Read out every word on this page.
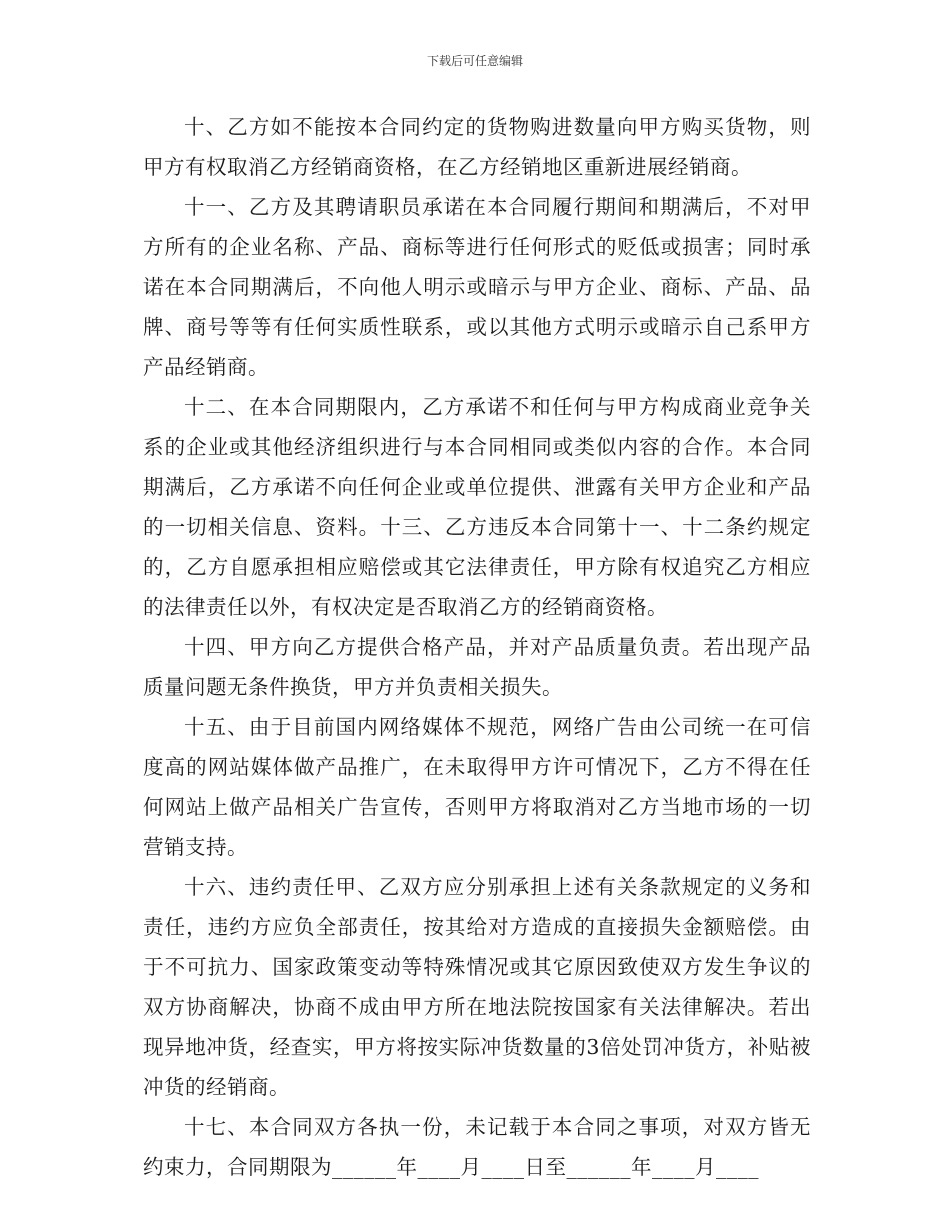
下载后可任意编辑

十、乙方如不能按本合同约定的货物购进数量向甲方购买货物，则甲方有权取消乙方经销商资格，在乙方经销地区重新进展经销商。

十一、乙方及其聘请职员承诺在本合同履行期间和期满后，不对甲方所有的企业名称、产品、商标等进行任何形式的贬低或损害；同时承诺在本合同期满后，不向他人明示或暗示与甲方企业、商标、产品、品牌、商号等等有任何实质性联系，或以其他方式明示或暗示自己系甲方产品经销商。

十二、在本合同期限内，乙方承诺不和任何与甲方构成商业竞争关系的企业或其他经济组织进行与本合同相同或类似内容的合作。本合同期满后，乙方承诺不向任何企业或单位提供、泄露有关甲方企业和产品的一切相关信息、资料。十三、乙方违反本合同第十一、十二条约规定的，乙方自愿承担相应赔偿或其它法律责任，甲方除有权追究乙方相应的法律责任以外，有权决定是否取消乙方的经销商资格。

十四、甲方向乙方提供合格产品，并对产品质量负责。若出现产品质量问题无条件换货，甲方并负责相关损失。

十五、由于目前国内网络媒体不规范，网络广告由公司统一在可信度高的网站媒体做产品推广，在未取得甲方许可情况下，乙方不得在任何网站上做产品相关广告宣传，否则甲方将取消对乙方当地市场的一切营销支持。

十六、违约责任甲、乙双方应分别承担上述有关条款规定的义务和责任，违约方应负全部责任，按其给对方造成的直接损失金额赔偿。由于不可抗力、国家政策变动等特殊情况或其它原因致使双方发生争议的双方协商解决，协商不成由甲方所在地法院按国家有关法律解决。若出现异地冲货，经查实，甲方将按实际冲货数量的3倍处罚冲货方，补贴被冲货的经销商。

十七、本合同双方各执一份，未记载于本合同之事项，对双方皆无约束力，合同期限为______年____月____日至______年____月____
